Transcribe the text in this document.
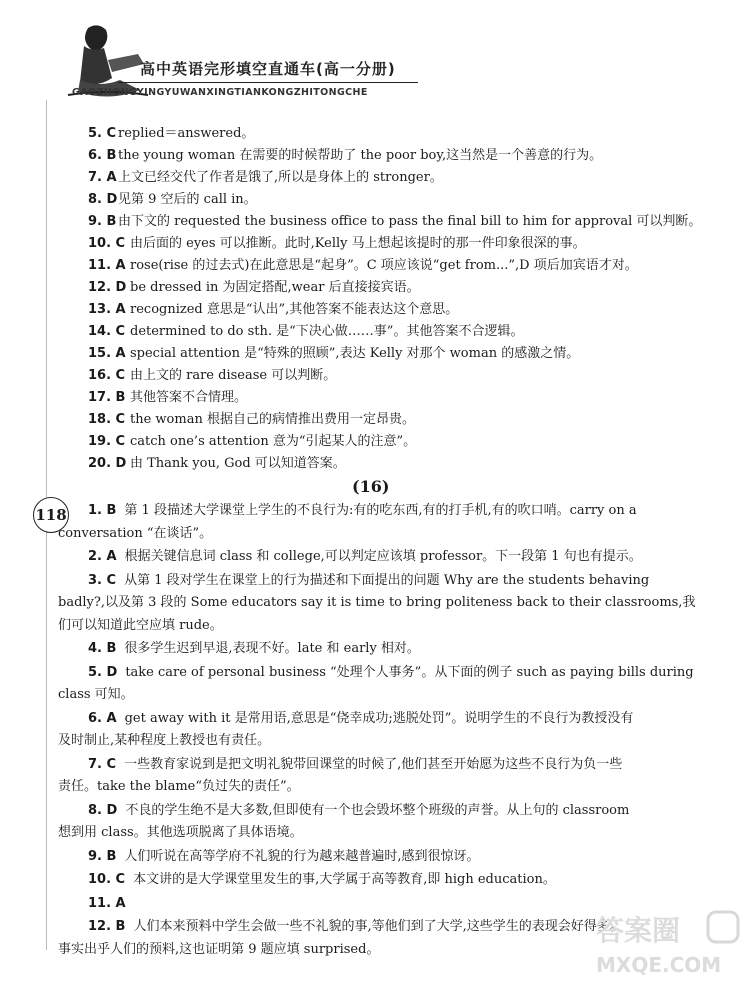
高中英语完形填空直通车(高一分册)
GAOZHONGYINGYUWANXINGTIANKONGZHITONGCHE
118
5. C replied＝answered。
6. B the young woman 在需要的时候帮助了 the poor boy,这当然是一个善意的行为。
7. A上文已经交代了作者是饿了,所以是身体上的 stronger。
8. D见第 9 空后的 call in。
9. B 由下文的 requested the business office to pass the final bill to him for approval 可以判断。
10. C 由后面的 eyes 可以推断。此时,Kelly 马上想起该提时的那一件印象很深的事。
11. A rose(rise 的过去式)在此意思是“起身”。C 项应该说“get from...”,D 项后加宾语才对。
12. D be dressed in 为固定搭配,wear 后直接接宾语。
13. A recognized 意思是“认出”,其他答案不能表达这个意思。
14. C determined to do sth. 是“下决心做……事”。其他答案不合逻辑。
15. A special attention 是“特殊的照顾”,表达 Kelly 对那个 woman 的感激之情。
16. C 由上文的 rare disease 可以判断。
17. B 其他答案不合情理。
18. C the woman 根据自己的病情推出费用一定昂贵。
19. C catch one’s attention 意为“引起某人的注意”。
20. D 由 Thank you, God 可以知道答案。
(16)
1. B 第 1 段描述大学课堂上学生的不良行为:有的吃东西,有的打手机,有的吹口哨。carry on a
conversation “在谈话”。
2. A 根据关键信息词 class 和 college,可以判定应该填 professor。下一段第 1 句也有提示。
3. C 从第 1 段对学生在课堂上的行为描述和下面提出的问题 Why are the students behaving
badly?,以及第 3 段的 Some educators say it is time to bring politeness back to their classrooms,我们可以知道此空应填 rude。
4. B 很多学生迟到早退,表现不好。late 和 early 相对。
5. D take care of personal business “处理个人事务”。从下面的例子 such as paying bills during
class 可知。
6. A get away with it 是常用语,意思是“侥幸成功;逃脱处罚”。说明学生的不良行为教授没有
及时制止,某种程度上教授也有责任。
7. C 一些教育家说到是把文明礼貌带回课堂的时候了,他们甚至开始愿为这些不良行为负一些
责任。take the blame“负过失的责任”。
8. D 不良的学生绝不是大多数,但即使有一个也会毁坏整个班级的声誉。从上句的 classroom
想到用 class。其他选项脱离了具体语境。
9. B 人们听说在高等学府不礼貌的行为越来越普遍时,感到很惊讶。
10. C 本文讲的是大学课堂里发生的事,大学属于高等教育,即 high education。
11. A
12. B 人们本来预料中学生会做一些不礼貌的事,等他们到了大学,这些学生的表现会好得多。
事实出乎人们的预料,这也证明第 9 题应填 surprised。
答案圈
MXQE.COM
